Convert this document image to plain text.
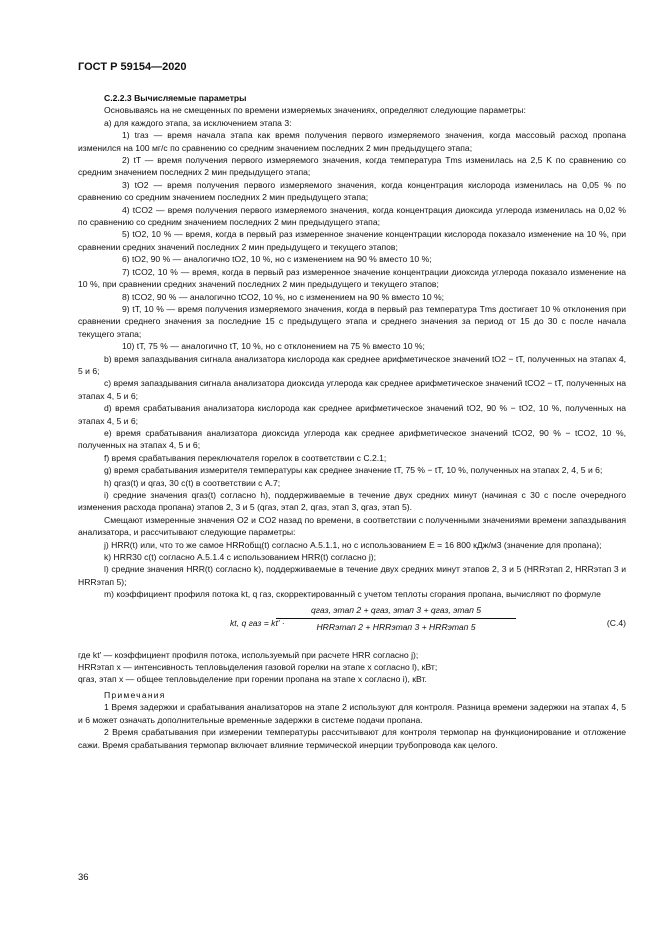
ГОСТ Р 59154—2020

С.2.2.3 Вычисляемые параметры

Основываясь на не смещенных по времени измеряемых значениях, определяют следующие параметры:

а) для каждого этапа, за исключением этапа 3:

1) tгаз — время начала этапа как время получения первого измеряемого значения, когда массовый расход пропана изменился на 100 мг/с по сравнению со средним значением последних 2 мин предыдущего этапа;

2) tT — время получения первого измеряемого значения, когда температура Tms изменилась на 2,5 K по сравнению со средним значением последних 2 мин предыдущего этапа;

3) tO2 — время получения первого измеряемого значения, когда концентрация кислорода изменилась на 0,05 % по сравнению со средним значением последних 2 мин предыдущего этапа;

4) tCO2 — время получения первого измеряемого значения, когда концентрация диоксида углерода изменилась на 0,02 % по сравнению со средним значением последних 2 мин предыдущего этапа;

5) tO2, 10 % — время, когда в первый раз измеренное значение концентрации кислорода показало изменение на 10 %, при сравнении средних значений последних 2 мин предыдущего и текущего этапов;

6) tO2, 90 % — аналогично tO2, 10 %, но с изменением на 90 % вместо 10 %;

7) tCO2, 10 % — время, когда в первый раз измеренное значение концентрации диоксида углерода показало изменение на 10 %, при сравнении средних значений последних 2 мин предыдущего и текущего этапов;

8) tCO2, 90 % — аналогично tCO2, 10 %, но с изменением на 90 % вместо 10 %;

9) tT, 10 % — время получения измеряемого значения, когда в первый раз температура Tms достигает 10 % отклонения при сравнении среднего значения за последние 15 с предыдущего этапа и среднего значения за период от 15 до 30 с после начала текущего этапа;

10) tT, 75 % — аналогично tT, 10 %, но с отклонением на 75 % вместо 10 %;

b) время запаздывания сигнала анализатора кислорода как среднее арифметическое значений tO2 − tT, полученных на этапах 4, 5 и 6;

c) время запаздывания сигнала анализатора диоксида углерода как среднее арифметическое значений tCO2 − tT, полученных на этапах 4, 5 и 6;

d) время срабатывания анализатора кислорода как среднее арифметическое значений tO2, 90 % − tO2, 10 %, полученных на этапах 4, 5 и 6;

e) время срабатывания анализатора диоксида углерода как среднее арифметическое значений tCO2, 90 % − tCO2, 10 %, полученных на этапах 4, 5 и 6;

f) время срабатывания переключателя горелок в соответствии с С.2.1;

g) время срабатывания измерителя температуры как среднее значение tT, 75 % − tT, 10 %, полученных на этапах 2, 4, 5 и 6;

h) qгаз(t) и qгаз, 30 c(t) в соответствии с А.7;

i) средние значения qгаз(t) согласно h), поддерживаемые в течение двух средних минут (начиная с 30 с после очередного изменения расхода пропана) этапов 2, 3 и 5 (qгаз, этап 2, qгаз, этап 3, qгаз, этап 5).

Смещают измеренные значения O2 и CO2 назад по времени, в соответствии с полученными значениями времени запаздывания анализатора, и рассчитывают следующие параметры:

j) HRR(t) или, что то же самое HRRобщ(t) согласно А.5.1.1, но с использованием E = 16 800 кДж/м3 (значение для пропана);

k) HRR30 c(t) согласно А.5.1.4 с использованием HRR(t) согласно j);

l) средние значения HRR(t) согласно k), поддерживаемые в течение двух средних минут этапов 2, 3 и 5 (HRRэтап 2, HRRэтап 3 и HRRэтап 5);

m) коэффициент профиля потока kt, q газ, скорректированный с учетом теплоты сгорания пропана, вычисляют по формуле

kt, q газ = kt' ·
qгаз, этап 2 + qгаз, этап 3 + qгаз, этап 5
HRRэтап 2 + HRRэтап 3 + HRRэтап 5	(С.4)

где kt' — коэффициент профиля потока, используемый при расчете HRR согласно j);

HRRэтап x — интенсивность тепловыделения газовой горелки на этапе x согласно l), кВт;

qгаз, этап x — общее тепловыделение при горении пропана на этапе x согласно i), кВт.

Примечания

1 Время задержки и срабатывания анализаторов на этапе 2 используют для контроля. Разница времени задержки на этапах 4, 5 и 6 может означать дополнительные временные задержки в системе подачи пропана.

2 Время срабатывания при измерении температуры рассчитывают для контроля термопар на функционирование и отложение сажи. Время срабатывания термопар включает влияние термической инерции трубопровода как целого.

36
